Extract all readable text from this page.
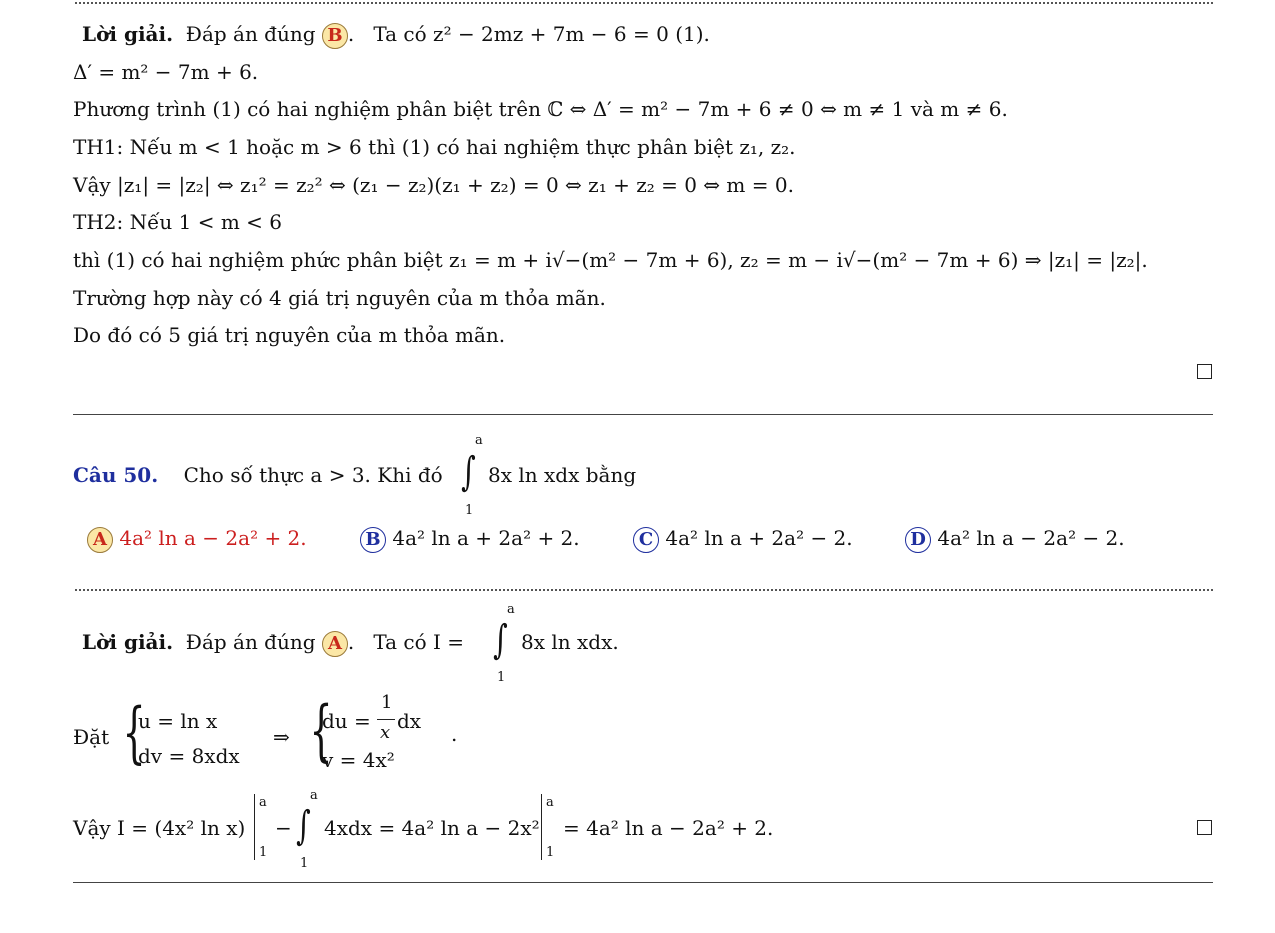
Lời giải. Đáp án đúng B .   Ta có z² − 2mz + 7m − 6 = 0 (1).
Δ′ = m² − 7m + 6.
Phương trình (1) có hai nghiệm phân biệt trên ℂ ⇔ Δ′ = m² − 7m + 6 ≠ 0 ⇔ m ≠ 1 và m ≠ 6.
TH1: Nếu m < 1 hoặc m > 6 thì (1) có hai nghiệm thực phân biệt z₁, z₂.
Vậy |z₁| = |z₂| ⇔ z₁² = z₂² ⇔ (z₁ − z₂)(z₁ + z₂) = 0 ⇔ z₁ + z₂ = 0 ⇔ m = 0.
TH2: Nếu 1 < m < 6
thì (1) có hai nghiệm phức phân biệt z₁ = m + i√−(m² − 7m + 6), z₂ = m − i√−(m² − 7m + 6) ⇒ |z₁| = |z₂|.
Trường hợp này có 4 giá trị nguyên của m thỏa mãn.
Do đó có 5 giá trị nguyên của m thỏa mãn.
Câu 50. Cho số thực a > 3. Khi đó
a
∫
1
8x ln xdx bằng
A 4a² ln a − 2a² + 2.	B 4a² ln a + 2a² + 2.	C 4a² ln a + 2a² − 2.	D 4a² ln a − 2a² − 2.
Lời giải. Đáp án đúng A .   Ta có I =
a
∫
1
8x ln xdx.
Đặt {
u = ln x
dv = 8xdx
⇒ {
du =
1
x dx
v = 4x²
.
Vậy I = (4x² ln x)
a
1
−
a
∫
1
4xdx = 4a² ln a − 2x²
a
1
= 4a² ln a − 2a² + 2.
